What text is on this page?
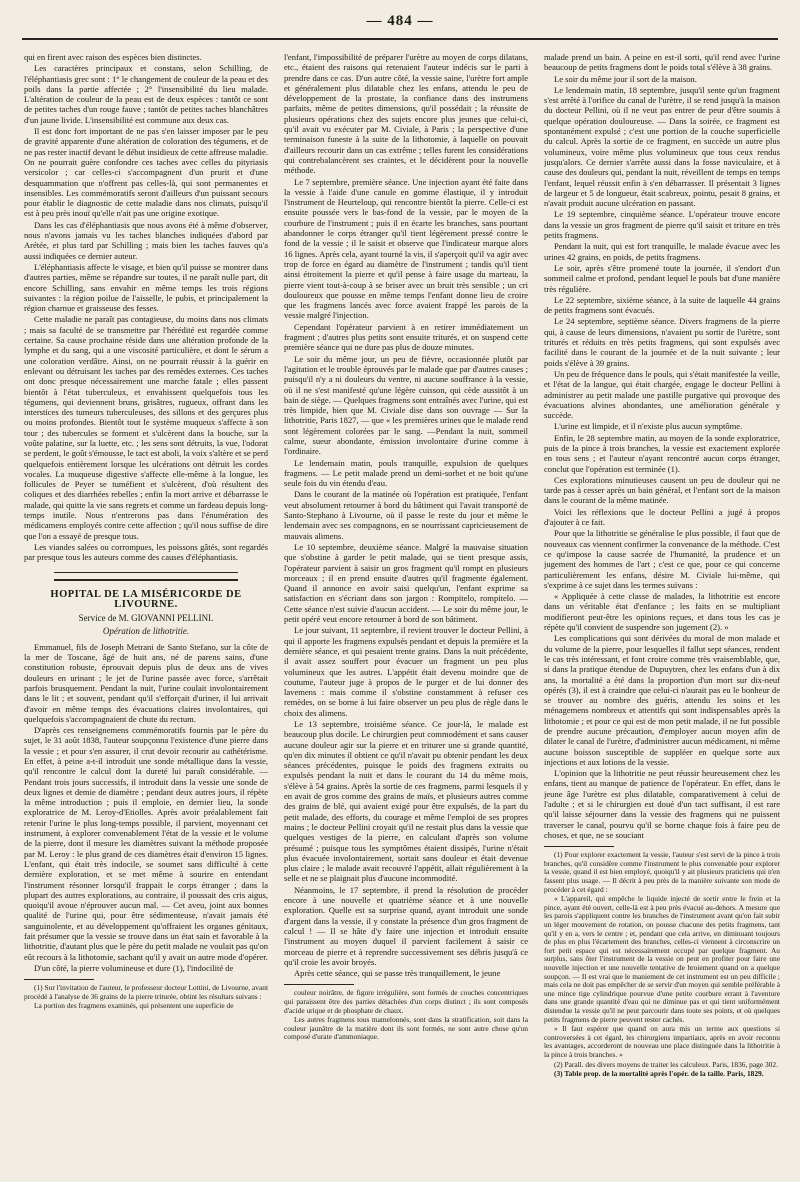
— 484 —

qui en firent avec raison des espèces bien distinctes.

Les caractères principaux et constans, selon Schilling, de l'éléphantiasis grec sont : 1° le changement de couleur de la peau et des poils dans la partie affectée ; 2° l'insensibilité du lieu malade. L'altération de couleur de la peau est de deux espèces : tantôt ce sont de petites taches d'un rouge fauve ; tantôt de petites taches blanchâtres d'un jaune livide. L'insensibilité est commune aux deux cas.

Il est donc fort important de ne pas s'en laisser imposer par le peu de gravité apparente d'une altération de coloration des tégumens, et de ne pas rester inactif devant le début insidieux de cette affreuse maladie. On ne pourrait guère confondre ces taches avec celles du pityriasis versicolor ; car celles-ci s'accompagnent d'un prurit et d'une desquammation que n'offrent pas celles-là, qui sont permanentes et insensibles. Les commémoratifs seront d'ailleurs d'un puissant secours pour établir le diagnostic de cette maladie dans nos climats, puisqu'il est à peu près inouï qu'elle n'ait pas une origine exotique.

Dans les cas d'éléphantiasis que nous avons été à même d'observer, nous n'avons jamais vu les taches blanches indiquées d'abord par Arétée, et plus tard par Schilling ; mais bien les taches fauves qu'a aussi indiquées ce dernier auteur.

L'éléphantiasis affecte le visage, et bien qu'il puisse se montrer dans d'autres parties, même se répandre sur toutes, il ne paraît nulle part, dit encore Schilling, sans envahir en même temps les trois régions suivantes : la région poilue de l'aisselle, le pubis, et principalement la région charnue et graisseuse des fesses.

Cette maladie ne paraît pas contagieuse, du moins dans nos climats ; mais sa faculté de se transmettre par l'hérédité est regardée comme certaine. Sa cause prochaine réside dans une altération profonde de la lymphe et du sang, qui a une viscosité particulière, et dont le sérum a une coloration verdâtre. Ainsi, on ne pourrait réussir à la guérir en enlevant ou détruisant les taches par des remèdes externes. Ces taches ont donc presque nécessairement une marche fatale ; elles passent bientôt à l'état tuberculeux, et envahissent quelquefois tous les tégumens, qui deviennent bruns, grisâtres, rugueux, offrant dans les interstices des tumeurs tuberculeuses, des sillons et des gerçures plus ou moins profondes. Bientôt tout le système muqueux s'affecte à son tour ; des tubercules se forment et s'ulcèrent dans la bouche, sur la voûte palatine, sur la luette, etc. ; les sens sont détruits, la vue, l'odorat se perdent, le goût s'émousse, le tact est aboli, la voix s'altère et se perd quelquefois entièrement lorsque les ulcérations ont détruit les cordes vocales. La muqueuse digestive s'affecte elle-même à la longue, les follicules de Peyer se tuméfient et s'ulcèrent, d'où résultent des coliques et des diarrhées rebelles ; enfin la mort arrive et débarrasse le malade, qui quitte la vie sans regrets et comme un fardeau depuis long-temps inutile. Nous n'entrerons pas dans l'énumération des médicamens employés contre cette affection ; qu'il nous suffise de dire que l'on a essayé de presque tous.

Les viandes salées ou corrompues, les poissons gâtés, sont regardés par presque tous les auteurs comme des causes d'éléphantiasis.

HOPITAL DE LA MISÉRICORDE DE LIVOURNE.
Service de M. GIOVANNI PELLINI.
Opération de lithotritie.

Emmanuel, fils de Joseph Metrani de Santo Stefano, sur la côte de la mer de Toscane, âgé de huit ans, né de parens sains, d'une constitution robuste, éprouvait depuis plus de deux ans de vives douleurs en urinant ; le jet de l'urine passée avec force, s'arrêtait parfois brusquement. Pendant la nuit, l'urine coulait involontairement dans le lit ; et souvent, pendant qu'il s'efforçait d'uriner, il lui arrivait d'avoir en même temps des évacuations claires involontaires, qui quelquefois s'accompagnaient de chute du rectum.

D'après ces renseignemens commémoratifs fournis par le père du sujet, le 31 août 1838, l'auteur soupçonna l'existence d'une pierre dans la vessie ; et pour s'en assurer, il crut devoir recourir au cathétérisme. En effet, à peine a-t-il introduit une sonde métallique dans la vessie, qu'il rencontre le calcul dont la dureté lui paraît considérable. — Pendant trois jours successifs, il introduit dans la vessie une sonde de deux lignes et demie de diamètre ; pendant deux autres jours, il répète la même introduction ; puis il emploie, en dernier lieu, la sonde exploratrice de M. Leroy-d'Etiolles. Après avoir préalablement fait retenir l'urine le plus long-temps possible, il parvient, moyennant cet instrument, à explorer convenablement l'état de la vessie et le volume de la pierre, dont il mesure les diamètres suivant la méthode proposée par M. Leroy : le plus grand de ces diamètres était d'environ 15 lignes. L'enfant, qui était très indocile, se soumet sans difficulté à cette dernière exploration, et se met même à sourire en entendant l'instrument résonner lorsqu'il frappait le corps étranger ; dans la plupart des autres explorations, au contraire, il poussait des cris aigus, quoiqu'il avoue n'éprouver aucun mal. — Cet aveu, joint aux bonnes qualité de l'urine qui, pour être sédimenteuse, n'avait jamais été sanguinolente, et au développement qu'offraient les organes génitaux, fait présumer que la vessie se trouve dans un état sain et favorable à la lithotritie, d'autant plus que le père du petit malade ne voulait pas qu'on eût recours à la lithotomie, sachant qu'il y avait un autre mode d'opérer.

D'un côté, la pierre volumineuse et dure (1), l'indocilité de

(1) Sur l'invitation de l'auteur, le professeur docteur Lottini, de Livourne, avant procédé à l'analyse de 36 grains de la pierre triturée, obtint les résultats suivans :

La portion des fragmens examinés, qui présentent une superficie de

l'enfant, l'impossibilité de préparer l'urètre au moyen de corps dilatans, etc., étaient des raisons qui retenaient l'auteur indécis sur le parti à prendre dans ce cas. D'un autre côté, la vessie saine, l'urètre fort ample et généralement plus dilatable chez les enfans, attendu le peu de développement de la prostate, la confiance dans des instrumens parfaits, même de petites dimensions, qu'il possédait ; la réussite de plusieurs opérations chez des sujets encore plus jeunes que celui-ci, qu'il avait vu exécuter par M. Civiale, à Paris ; la perspective d'une terminaison funeste à la suite de la lithotomie, à laquelle on pouvait d'ailleurs recourir dans un cas extrême ; telles furent les considérations qui contrebalancèrent ses craintes, et le décidèrent pour la nouvelle méthode.

Le 7 septembre, première séance. Une injection ayant été faite dans la vessie à l'aide d'une canule en gomme élastique, il y introduit l'instrument de Heurteloup, qui rencontre bientôt la pierre. Celle-ci est ensuite poussée vers le bas-fond de la vessie, par le moyen de la courbure de l'instrument ; puis il en écarte les branches, sans pourtant abandonner le corps étranger qu'il tient légèrement pressé contre le fond de la vessie ; il le saisit et observe que l'indicateur marque alors 16 lignes. Après cela, ayant tourné la vis, il s'aperçoit qu'il va agir avec trop de force en égard au diamètre de l'instrument ; tandis qu'il tient ainsi étroitement la pierre et qu'il pense à faire usage du marteau, la pierre vient tout-à-coup à se briser avec un bruit très sensible ; un cri douloureux que pousse en même temps l'enfant donne lieu de croire que les fragmens lancés avec force avaient frappé les parois de la vessie malgré l'injection.

Cependant l'opérateur parvient à en retirer immédiatement un fragment ; d'autres plus petits sont ensuite triturés, et on suspend cette première séance qui ne dure pas plus de douze minutes.

Le soir du même jour, un peu de fièvre, occasionnée plutôt par l'agitation et le trouble éprouvés par le malade que par d'autres causes ; puisqu'il n'y a ni douleurs du ventre, ni aucune souffrance à la vessie, où il ne s'est manifesté qu'une légère cuisson, qui cède aussitôt à un bain de siège. — Quelques fragmens sont entraînés avec l'urine, qui est très limpide, bien que M. Civiale dise dans son ouvrage — Sur la lithotritie, Paris 1827, — que « les premières urines que le malade rend sont légèrement colorées par le sang. —Pendant la nuit, sommeil calme, sueur abondante, émission involontaire d'urine comme à l'ordinaire.

Le lendemain matin, pouls tranquille, expulsion de quelques fragmens. — Le petit malade prend un demi-sorbet et ne boit qu'une seule fois du vin étendu d'eau.

Dans le courant de la matinée où l'opération est pratiquée, l'enfant veut absolument retourner à bord du bâtiment qui l'avait transporté de Santo-Stephano à Livourne, où il passe le reste du jour et même le lendemain avec ses compagnons, en se nourrissant capricieusement de mauvais alimens.

Le 10 septembre, deuxième séance. Malgré la mauvaise situation que s'obstine à garder le petit malade, qui se tient presque assis, l'opérateur parvient à saisir un gros fragment qu'il rompt en plusieurs morceaux ; il en prend ensuite d'autres qu'il fragmente également. Quand il annonce en avoir saisi quelqu'un, l'enfant exprime sa satisfaction en s'écriant dans son jargon : Rompitelo, rompitelo. — Cette séance n'est suivie d'aucun accident. — Le soir du même jour, le petit opéré veut encore retourner à bord de son bâtiment.

Le jour suivant, 11 septembre, il revient trouver le docteur Pellini, à qui il apporte les fragmens expulsés pendant et depuis la première et la dernière séance, et qui pesaient trente grains. Dans la nuit précédente, il avait assez souffert pour évacuer un fragment un peu plus volumineux que les autres. L'appétit était devenu moindre que de coutume, l'auteur juge à propos de le purger et de lui donner des lavemens : mais comme il s'obstine constamment à refuser ces remèdes, on se borne à lui faire observer un peu plus de règle dans le choix des alimens.

Le 13 septembre, troisième séance. Ce jour-là, le malade est beaucoup plus docile. Le chirurgien peut commodément et sans causer aucune douleur agir sur la pierre et en triturer une si grande quantité, qu'en dix minutes il obtient ce qu'il n'avait pu obtenir pendant les deux séances précédentes, puisque le poids des fragmens extraits ou expulsés pendant la nuit et dans le courant du 14 du même mois, s'élève à 54 grains. Après la sortie de ces fragmens, parmi lesquels il y en avait de gros comme des grains de maïs, et plusieurs autres comme des grains de blé, qui avaient exigé pour être expulsés, de la part du petit malade, des efforts, du courage et même l'emploi de ses propres mains ; le docteur Pellini croyait qu'il ne restait plus dans la vessie que quelques vestiges de la pierre, en calculant d'après son volume présumé ; puisque tous les symptômes étaient dissipés, l'urine n'était plus évacuée involontairement, sortait sans douleur et était devenue plus claire ; le malade avait recouvré l'appétit, allait régulièrement à la selle et ne se plaignait plus d'aucune incommodité.

Néanmoins, le 17 septembre, il prend la résolution de procéder encore à une nouvelle et quatrième séance et à une nouvelle exploration. Quelle est sa surprise quand, ayant introduit une sonde d'argent dans la vessie, il y constate la présence d'un gros fragment de calcul ! — Il se hâte d'y faire une injection et introduit ensuite l'instrument au moyen duquel il parvient facilement à saisir ce morceau de pierre et à reprendre successivement ses débris jusqu'à ce qu'il croie les avoir broyés.

Après cette séance, qui se passe très tranquillement, le jeune

couleur noirâtre, de figure irrégulière, sont formés de couches concentriques qui paraissent être des parties détachées d'un corps distinct ; ils sont composés d'acide urique et de phosphate de chaux.

Les autres fragmens tous mamelonnés, sont dans la stratification, soit dans la couleur jaunâtre de la matière dont ils sont formés, ne sont autre chose qu'un composé d'urate d'ammoniaque.

malade prend un bain. A peine en est-il sorti, qu'il rend avec l'urine beaucoup de petits fragmens dont le poids total s'élève à 38 grains.

Le soir du même jour il sort de la maison.

Le lendemain matin, 18 septembre, jusqu'il sente qu'un fragment s'est arrêté à l'orifice du canal de l'urètre, il se rend jusqu'à la maison du docteur Pellini, où il ne veut pas entrer de peur d'être soumis à quelque opération douloureuse. — Dans la soirée, ce fragment est spontanément expulsé ; c'est une portion de la couche superficielle du calcul. Après la sortie de ce fragment, en succède un autre plus volumineux, voire même plus volumineux que tous ceux rendus jusqu'alors. Ce dernier s'arrête aussi dans la fosse naviculaire, et à cause des douleurs qui, pendant la nuit, réveillent de temps en temps l'enfant, lequel réussit enfin à s'en débarrasser. Il présentait 3 lignes de largeur et 5 de longueur, était scabreux, pointu, pesait 8 grains, et n'avait produit aucune ulcération en passant.

Le 19 septembre, cinquième séance. L'opérateur trouve encore dans la vessie un gros fragment de pierre qu'il saisit et triture en très petits fragmens.

Pendant la nuit, qui est fort tranquille, le malade évacue avec les urines 42 grains, en poids, de petits fragmens.

Le soir, après s'être promené toute la journée, il s'endort d'un sommeil calme et profond, pendant lequel le pouls bat d'une manière très régulière.

Le 22 septembre, sixième séance, à la suite de laquelle 44 grains de petits fragmens sont évacués.

Le 24 septembre, septième séance. Divers fragmens de la pierre qui, à cause de leurs dimensions, n'avaient pu sortir de l'urètre, sont triturés et réduits en très petits fragmens, qui sont expulsés avec facilité dans le courant de la journée et de la nuit suivante ; leur poids s'élève à 39 grains.

Un peu de fréquence dans le pouls, qui s'était manifestée la veille, et l'état de la langue, qui était chargée, engage le docteur Pellini à administrer au petit malade une pastille purgative qui provoque des évacuations alvines abondantes, une amélioration générale y succède.

L'urine est limpide, et il n'existe plus aucun symptôme.

Enfin, le 28 septembre matin, au moyen de la sonde exploratrice, puis de la pince à trois branches, la vessie est exactement explorée en tous sens ; et l'auteur n'ayant rencontré aucun corps étranger, conclut que l'opération est terminée (1).

Ces explorations minutieuses causent un peu de douleur qui ne tarde pas à cesser après un bain général, et l'enfant sort de la maison dans le courant de la même matinée.

Voici les réflexions que le docteur Pellini a jugé à propos d'ajouter à ce fait.

Pour que la lithotritie se généralise le plus possible, il faut que de nouveaux cas viennent confirmer la convenance de la méthode. C'est ce qu'impose la cause sacrée de l'humanité, la prudence et un jugement des hommes de l'art ; c'est ce que, pour ce qui concerne particulièrement les enfans, désire M. Civiale lui-même, qui s'exprime à ce sujet dans les termes suivans :

« Appliquée à cette classe de malades, la lithotritie est encore dans un véritable état d'enfance ; les faits en se multipliant modifieront peut-être les opinions reçues, et dans tous les cas je répète qu'il convient de suspendre son jugement (2). »

Les complications qui sont dérivées du moral de mon malade et du volume de la pierre, pour lesquelles il fallut sept séances, rendent le cas très intéressant, et font croire comme très vraisemblable, que, si dans la pratique étendue de Dupuytren, chez les enfans d'un à dix ans, la mortalité a été dans la proportion d'un mort sur dix-neuf opérés (3), il est à craindre que celui-ci n'aurait pas eu le bonheur de se trouver au nombre des guéris, attendu les soins et les ménagemens nombreux et attentifs qui sont indispensables après la lithotomie ; et pour ce qui est de mon petit malade, il ne fut possible de prendre aucune précaution, d'employer aucun moyen afin de dilater le canal de l'urètre, d'administrer aucun médicament, ni même aucune boisson susceptible de suppléer en quelque sorte aux injections et aux lotions de la vessie.

L'opinion que la lithotritie ne peut réussir heureusement chez les enfans, tient au manque de patience de l'opérateur. En effet, dans le jeune âge l'urètre est plus dilatable, comparativement à celui de l'adulte ; et si le chirurgien est doué d'un tact suffisant, il est rare qu'il laisse séjourner dans la vessie des fragmens qui ne puissent traverser le canal, pourvu qu'il se borne chaque fois à faire peu de choses, et que, ne se souciant

(1) Pour explorer exactement la vessie, l'auteur s'est servi de la pince à trois branches, qu'il considère comme l'instrument le plus convenable pour explorer la vessie, quand il est bien employé, quoiqu'il y ait plusieurs praticiens qui n'en fassent plus usage. — Il décrit à peu près de la manière suivante son mode de procéder à cet égard :

« L'appareil, qui empêche le liquide injecté de sortir entre le frein et la pince, ayant été ouvert, celle-là est à peu près évacué au-dehors. A mesure que les parois s'appliquent contre les branches de l'instrument avant qu'on fait subir un léger mouvement de rotation, on pousse chacune des petits fragmens, tant qu'il y en a, vers le centre ; et, pendant que cela arrive, en diminuant toujours de plus en plus l'écartement des branches, celles-ci viennent à circonscrire un fort petit espace qui est nécessairement occupé par quelque fragment. Au surplus, sans ôter l'instrument de la vessie on peut en profiter pour faire une nouvelle injection et une nouvelle tentative de broiement quand on a quelque soupçon. — Il est vrai que le maniement de cet instrument est un peu difficile ; mais cela ne doit pas empêcher de se servir d'un moyen qui semble préférable à une mince tige cylindrique pourvue d'une petite courbure errant à l'aventure dans une grande quantité d'eau qui ne diminue pas et qui tient uniformément distendue la vessie qu'il ne peut parcourir dans toute ses points, et où quelques petits fragmens de pierre peuvent rester cachés.

» Il faut espérer que quand on aura mis un terme aux questions si controversées à cet égard, les chirurgiens impartiaux, après en avoir reconnu les avantages, accorderont de nouveau une place distinguée dans la lithotritie à la pince à trois branches. »

(2) Parall. des divers moyens de traiter les calculeux. Paris, 1836, page 302.

(3) Table prop. de la mortalité après l'opér. de la taille. Paris, 1829.
